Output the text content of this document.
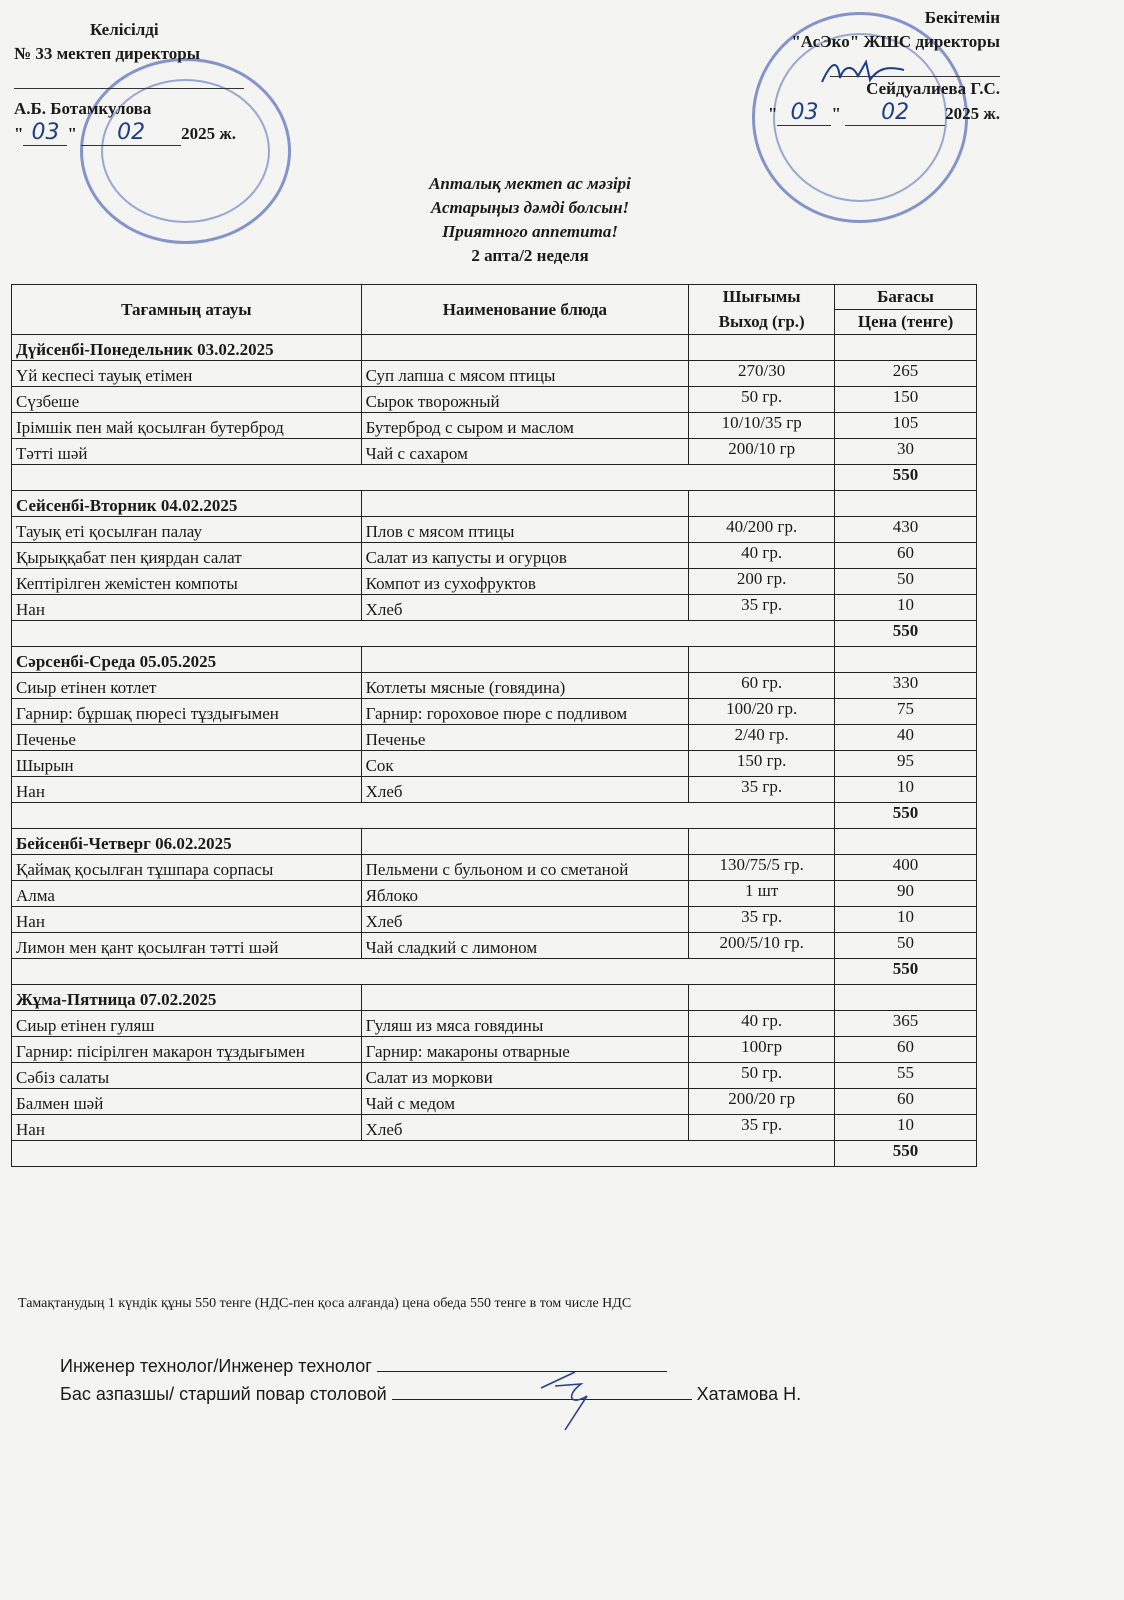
Келісілді
№ 33 мектеп директоры
А.Б. Ботамкулова
" 03 " 02 2025 ж.
Бекітемін
"АсЭко" ЖШС директоры
Сейдуалиева Г.С.
" 03 " 02 2025 ж.
Апталық мектеп ас мәзірі
Астарыңыз дәмді болсын!
Приятного аппетита!
2 апта/2 неделя
Тағамның атауы	Наименование блюда	Шығымы	Бағасы
		Выход (гр.)	Цена (тенге)
Дүйсенбі-Понедельник 03.02.2025			
Үй кеспесі тауық етімен	Суп лапша с мясом птицы	270/30	265
Сүзбеше	Сырок творожный	50 гр.	150
Ірімшік пен май қосылған бутерброд	Бутерброд с сыром и маслом	10/10/35 гр	105
Тәтті шәй	Чай с сахаром	200/10 гр	30
			550
Сейсенбі-Вторник 04.02.2025			
Тауық еті қосылған палау	Плов с мясом птицы	40/200 гр.	430
Қырыққабат пен қиярдан салат	Салат из капусты и огурцов	40 гр.	60
Кептірілген жемістен компоты	Компот из сухофруктов	200 гр.	50
Нан	Хлеб	35 гр.	10
			550
Сәрсенбі-Среда 05.05.2025			
Сиыр етінен котлет	Котлеты мясные (говядина)	60 гр.	330
Гарнир: бұршақ пюресі тұздығымен	Гарнир: гороховое пюре с подливом	100/20 гр.	75
Печенье	Печенье	2/40 гр.	40
Шырын	Сок	150 гр.	95
Нан	Хлеб	35 гр.	10
			550
Бейсенбі-Четверг 06.02.2025			
Қаймақ қосылған тұшпара сорпасы	Пельмени с бульоном и со сметаной	130/75/5 гр.	400
Алма	Яблоко	1 шт	90
Нан	Хлеб	35 гр.	10
Лимон мен қант қосылған тәтті шәй	Чай сладкий с лимоном	200/5/10 гр.	50
			550
Жұма-Пятница 07.02.2025			
Сиыр етінен гуляш	Гуляш из мяса говядины	40 гр.	365
Гарнир: пісірілген макарон тұздығымен	Гарнир: макароны отварные	100гр	60
Сәбіз салаты	Салат из моркови	50 гр.	55
Балмен шәй	Чай с медом	200/20 гр	60
Нан	Хлеб	35 гр.	10
			550
Тамақтанудың 1 күндік құны 550 тенге (НДС-пен қоса алғанда) цена обеда 550 тенге в том числе НДС
Инженер технолог/Инженер технолог
Бас азпазшы/ старший повар столовой	Хатамова Н.
